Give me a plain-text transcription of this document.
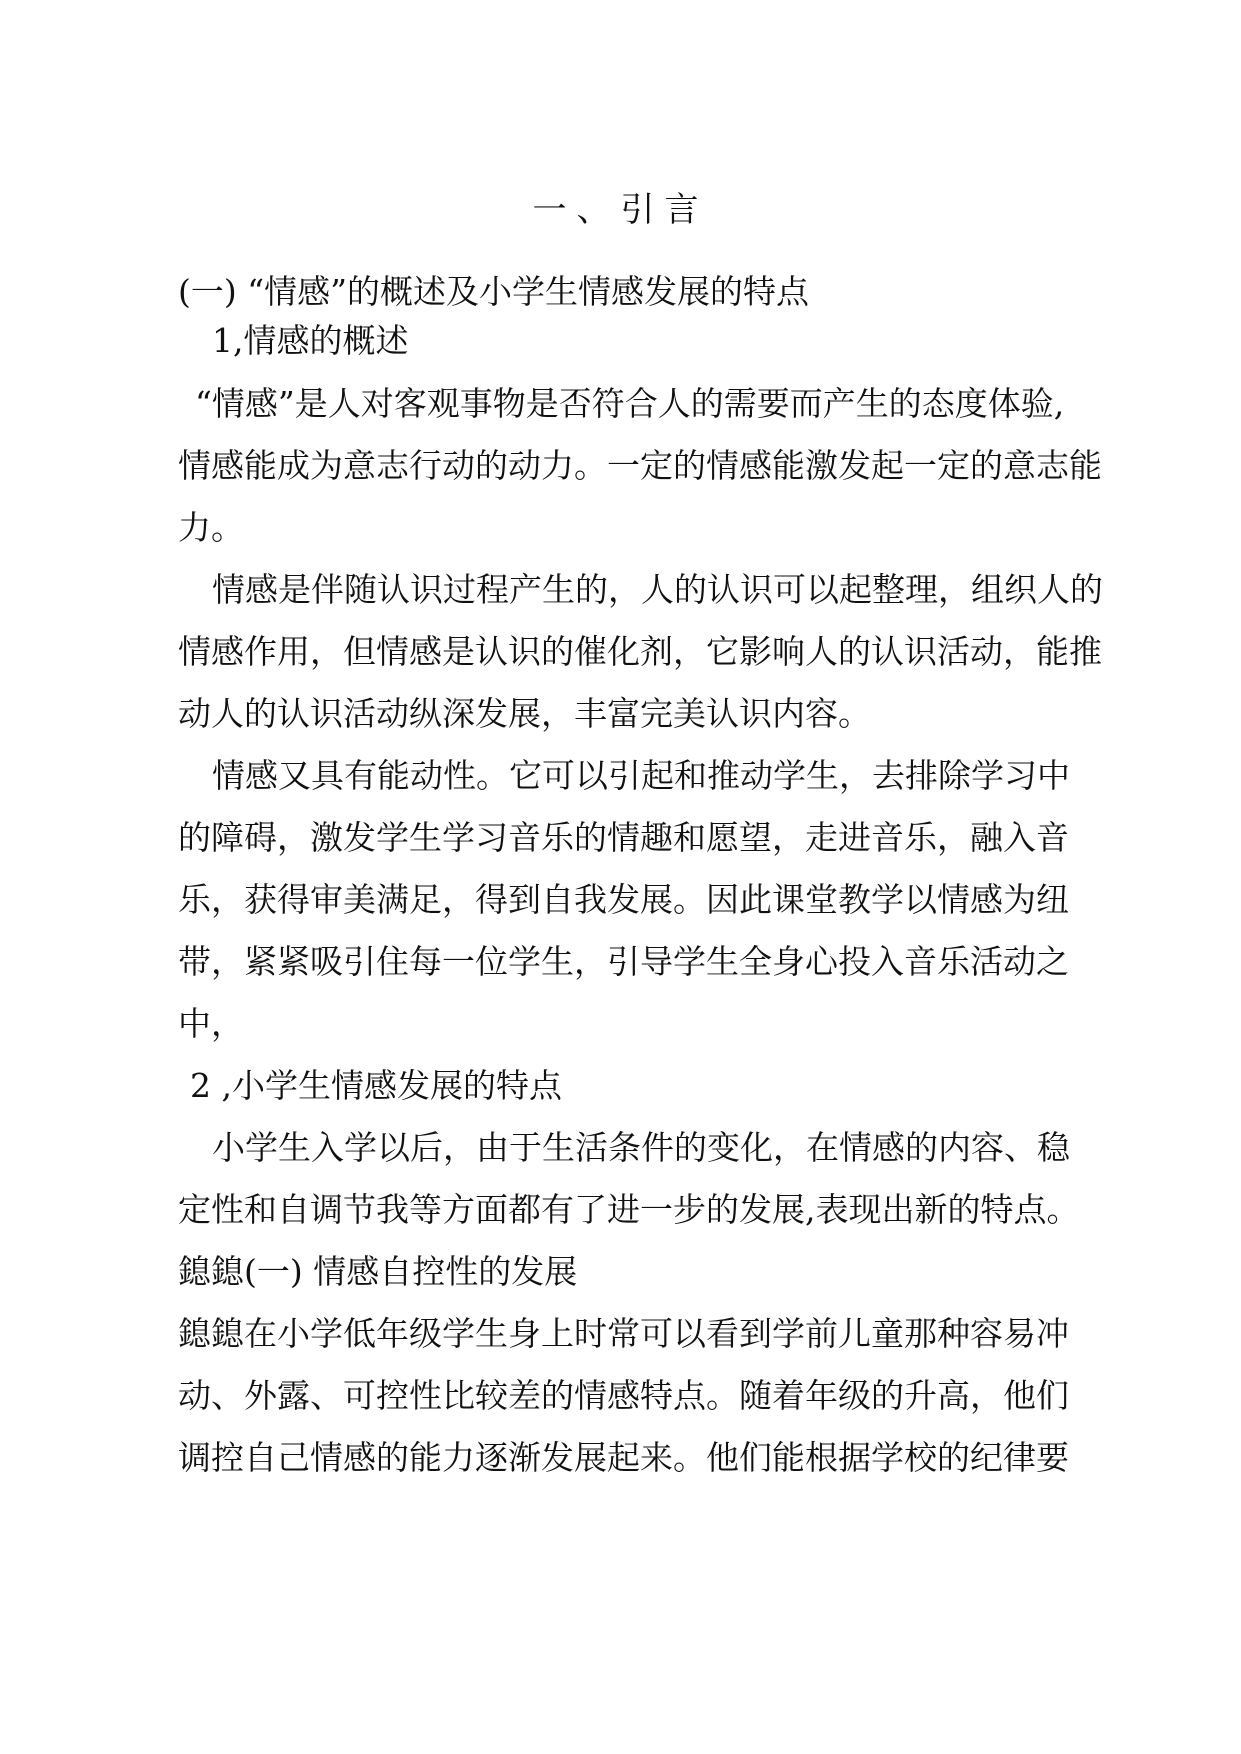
一、引言
(一) “情感”的概述及小学生情感发展的特点
1,情感的概述
“情感”是人对客观事物是否符合人的需要而产生的态度体验,
情感能成为意志行动的动力。一定的情感能激发起一定的意志能
力。
情感是伴随认识过程产生的，人的认识可以起整理，组织人的
情感作用，但情感是认识的催化剂，它影响人的认识活动，能推
动人的认识活动纵深发展，丰富完美认识内容。
情感又具有能动性。它可以引起和推动学生，去排除学习中
的障碍，激发学生学习音乐的情趣和愿望，走进音乐，融入音
乐，获得审美满足，得到自我发展。因此课堂教学以情感为纽
带，紧紧吸引住每一位学生，引导学生全身心投入音乐活动之
中，
2 ,小学生情感发展的特点
小学生入学以后，由于生活条件的变化，在情感的内容、稳
定性和自调节我等方面都有了进一步的发展,表现出新的特点。
鎴鎴(一) 情感自控性的发展
鎴鎴在小学低年级学生身上时常可以看到学前儿童那种容易冲
动、外露、可控性比较差的情感特点。随着年级的升高，他们
调控自己情感的能力逐渐发展起来。他们能根据学校的纪律要
